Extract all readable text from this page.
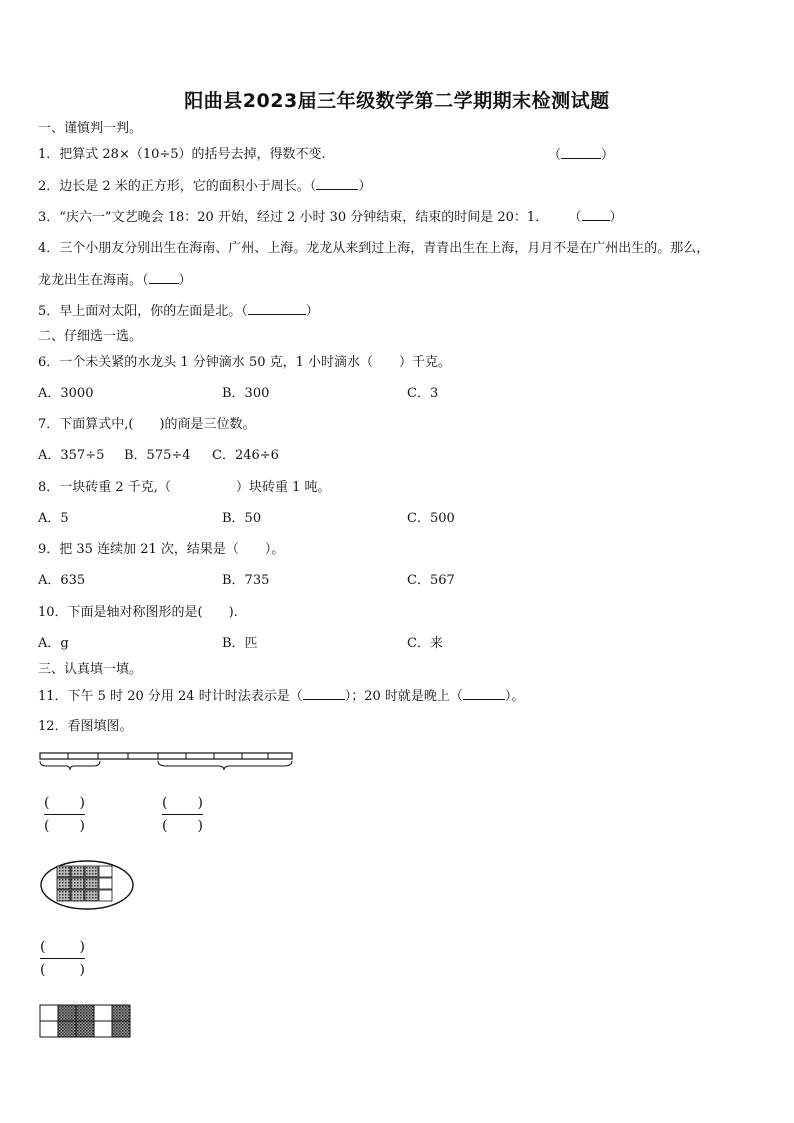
阳曲县2023届三年级数学第二学期期末检测试题
一、谨慎判一判。
1．把算式 28×（10÷5）的括号去掉，得数不变.	（	）
2．边长是 2 米的正方形，它的面积小于周长。（	）
3．“庆六一”文艺晚会 18：20 开始，经过 2 小时 30 分钟结束，结束的时间是 20：1． （ ）
4．三个小朋友分别出生在海南、广州、上海。龙龙从来到过上海，青青出生在上海，月月不是在广州出生的。那么，
龙龙出生在海南。（ ）
5．早上面对太阳，你的左面是北。（	）
二、仔细选一选。
6．一个未关紧的水龙头 1 分钟滴水 50 克，1 小时滴水（　　）千克。
A．3000	B．300	C．3
7．下面算式中,(　　)的商是三位数。
A．357÷5 B．575÷4 C．246÷6
8．一块砖重 2 千克,（　　　　　）块砖重 1 吨。
A．5	B．50	C．500
9．把 35 连续加 21 次，结果是（　　）。
A．635	B．735	C．567
10．下面是轴对称图形的是(　　).
A．g	B．匹	C．来
三、认真填一填。
11．下午 5 时 20 分用 24 时计时法表示是（	）；20 时就是晚上（	）。
12．看图填图。
( )
( )
( )
( )
( )
( )
